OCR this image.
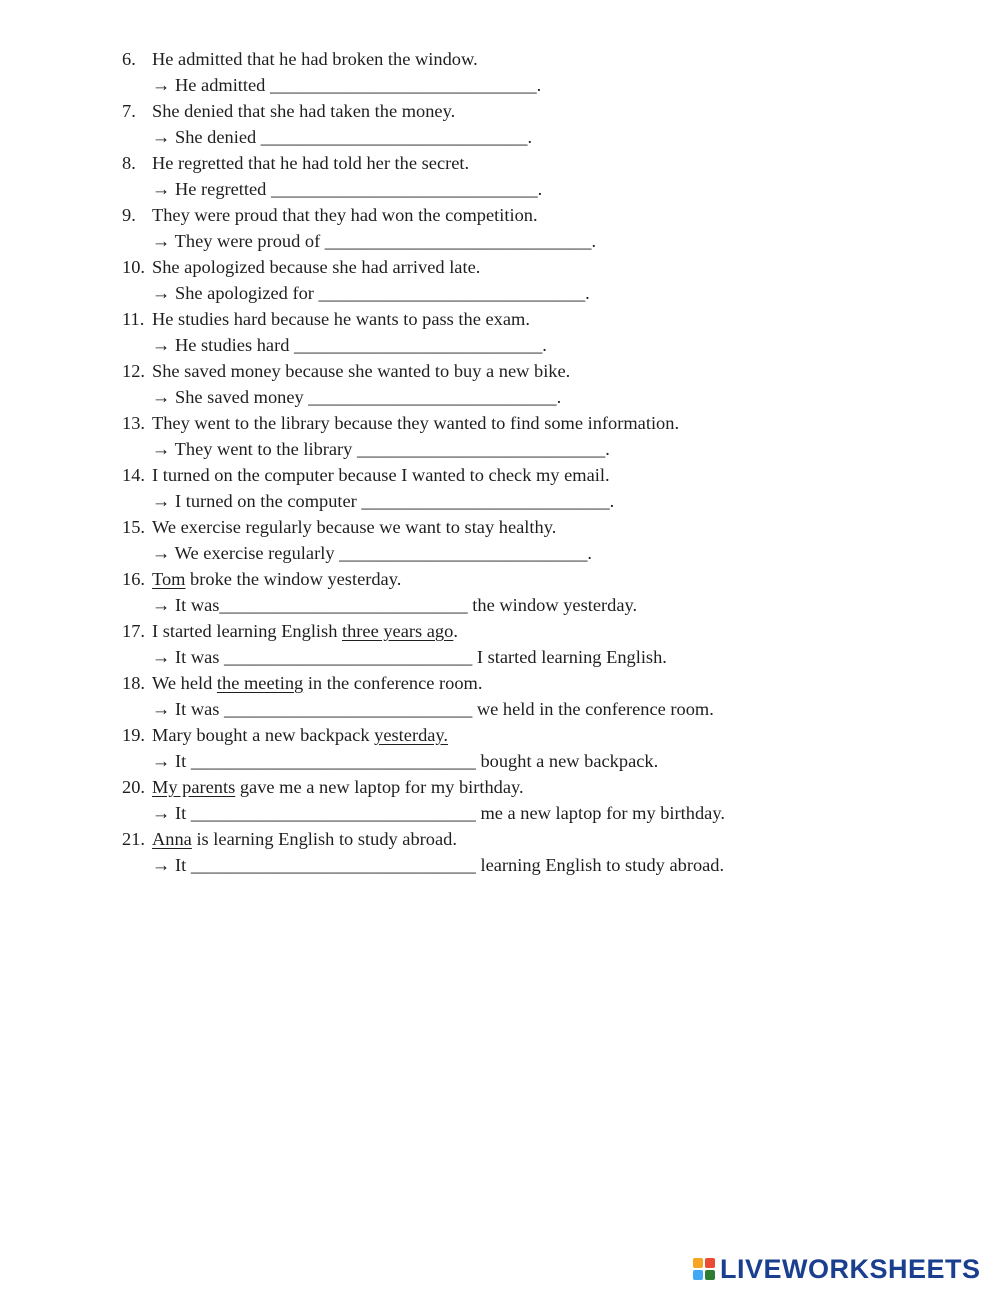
6. He admitted that he had broken the window.
→ He admitted _____________________________.
7. She denied that she had taken the money.
→ She denied _____________________________.
8. He regretted that he had told her the secret.
→ He regretted _____________________________.
9. They were proud that they had won the competition.
→ They were proud of _____________________________.
10. She apologized because she had arrived late.
→ She apologized for _____________________________.
11. He studies hard because he wants to pass the exam.
→ He studies hard ___________________________.
12. She saved money because she wanted to buy a new bike.
→ She saved money ___________________________.
13. They went to the library because they wanted to find some information.
→ They went to the library ___________________________.
14. I turned on the computer because I wanted to check my email.
→ I turned on the computer ___________________________.
15. We exercise regularly because we want to stay healthy.
→ We exercise regularly ___________________________.
16. Tom broke the window yesterday.
→ It was___________________________ the window yesterday.
17. I started learning English three years ago.
→ It was ___________________________ I started learning English.
18. We held the meeting in the conference room.
→ It was ___________________________ we held in the conference room.
19. Mary bought a new backpack yesterday.
→ It _______________________________ bought a new backpack.
20. My parents gave me a new laptop for my birthday.
→ It _______________________________ me a new laptop for my birthday.
21. Anna is learning English to study abroad.
→ It _______________________________ learning English to study abroad.
LIVEWORKSHEETS
